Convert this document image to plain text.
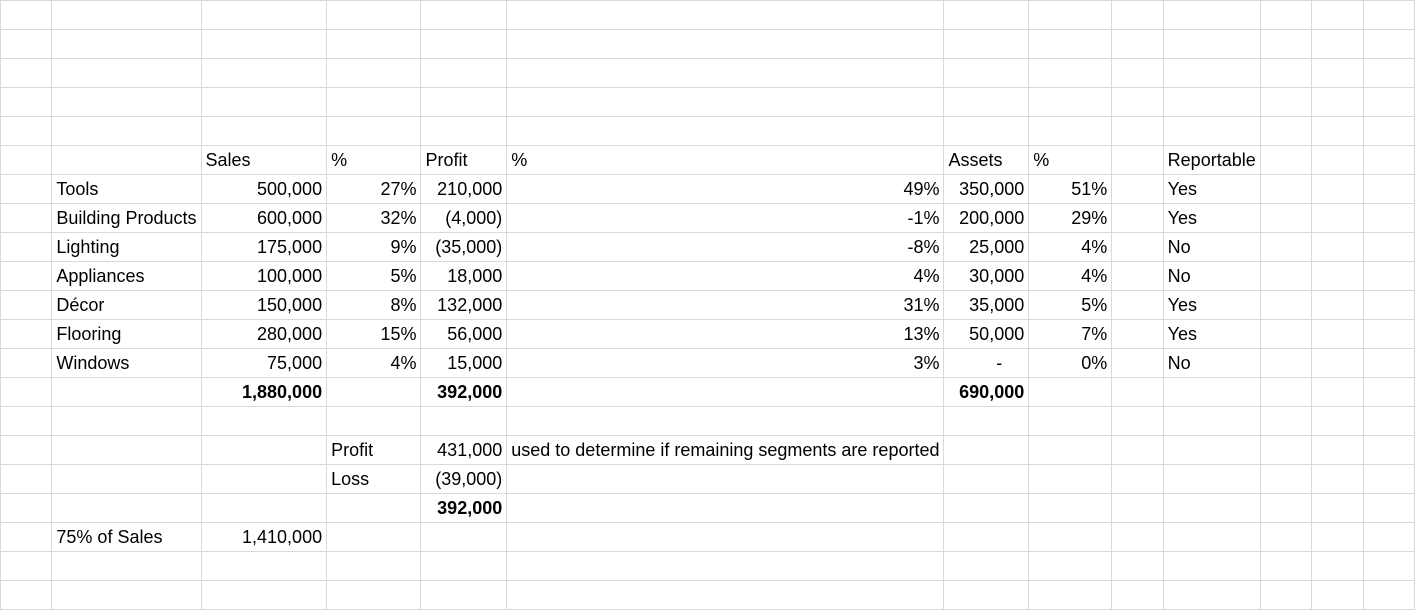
		Sales	%	Profit	%	Assets	%		Reportable			
	Tools	500,000	27%	210,000	49%	350,000	51%		Yes			
	Building Products	600,000	32%	(4,000)	-1%	200,000	29%		Yes			
	Lighting	175,000	9%	(35,000)	-8%	25,000	4%		No			
	Appliances	100,000	5%	18,000	4%	30,000	4%		No			
	Décor	150,000	8%	132,000	31%	35,000	5%		Yes			
	Flooring	280,000	15%	56,000	13%	50,000	7%		Yes			
	Windows	75,000	4%	15,000	3%	-	0%		No			
		1,880,000		392,000		690,000						

			Profit	431,000	used to determine if remaining segments are reported							
			Loss	(39,000)								
				392,000								
	75% of Sales	1,410,000										
